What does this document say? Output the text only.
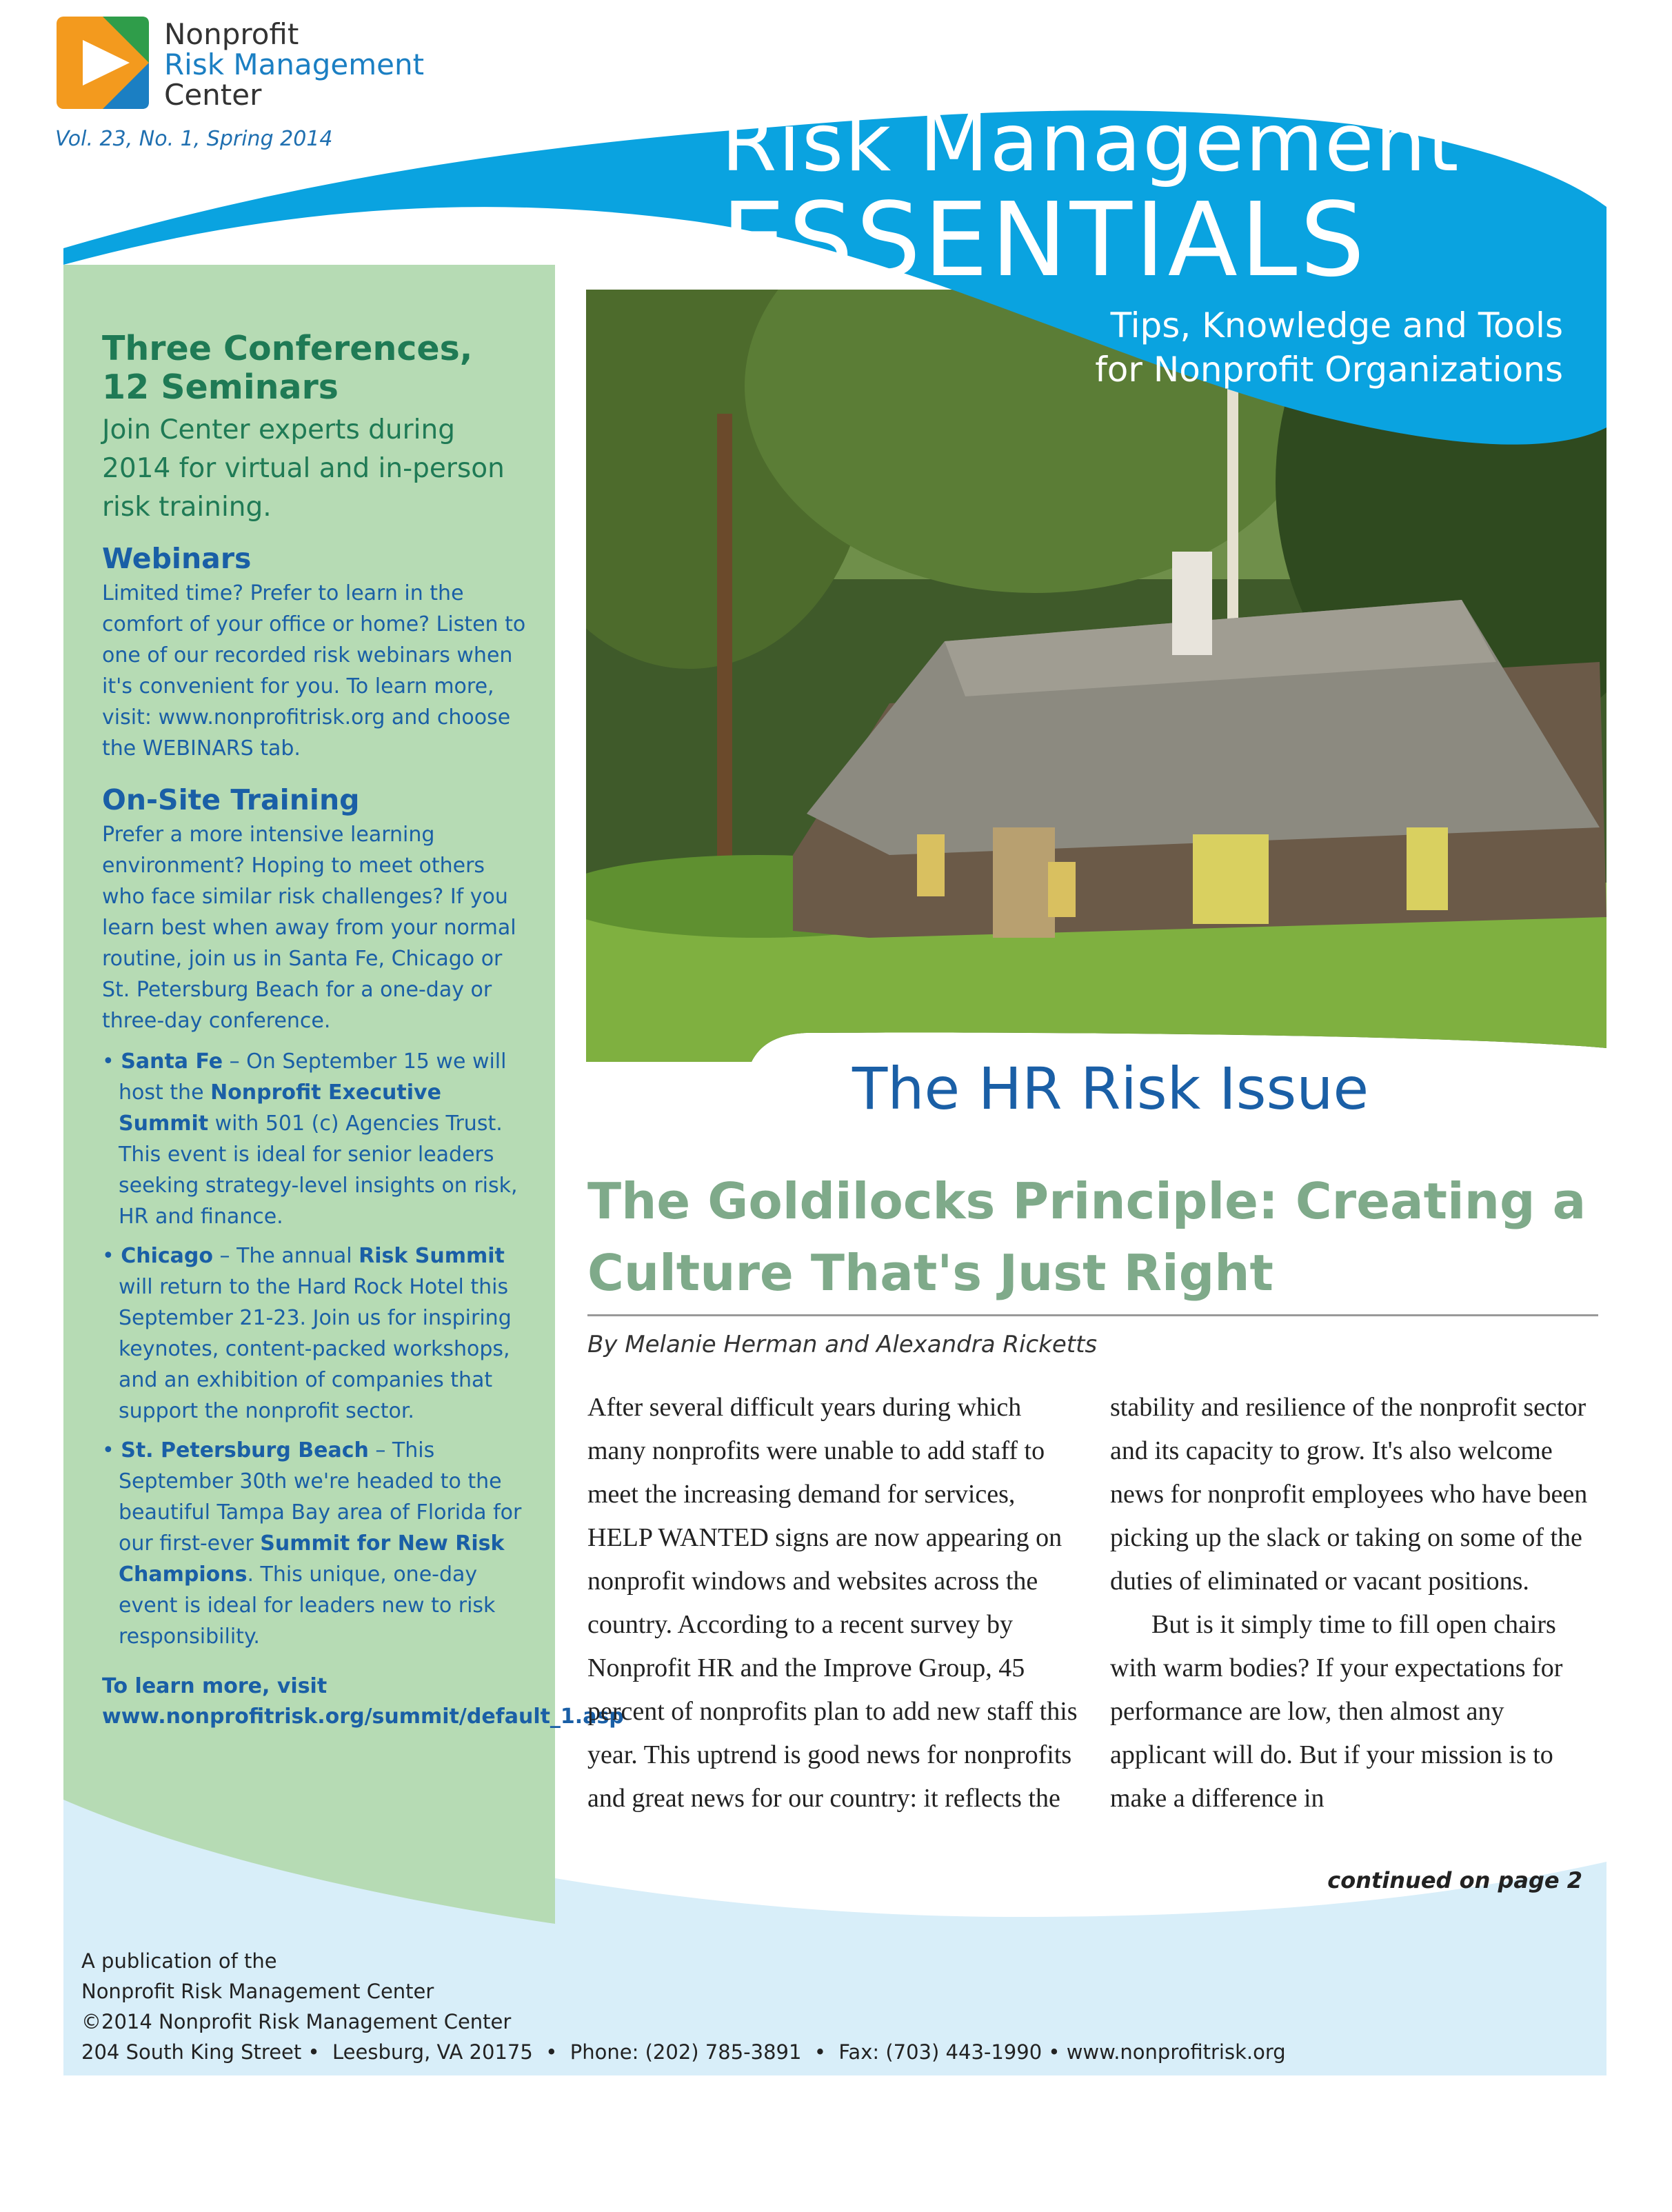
Nonprofit
Risk Management
Center
Vol. 23, No. 1, Spring 2014	Risk Management
ESSENTIALS
Tips, Knowledge and Tools
for Nonprofit Organizations
Three Conferences,
12 Seminars

Join Center experts during 2014 for virtual and in-person risk training.

Webinars

Limited time? Prefer to learn in the comfort of your office or home? Listen to one of our recorded risk webinars when it's convenient for you. To learn more, visit: www.nonprofitrisk.org and choose the WEBINARS tab.

On-Site Training

Prefer a more intensive learning environment? Hoping to meet others who face similar risk challenges? If you learn best when away from your normal routine, join us in Santa Fe, Chicago or St. Petersburg Beach for a one-day or three-day conference.

• Santa Fe – On September 15 we will host the Nonprofit Executive Summit with 501 (c) Agencies Trust. This event is ideal for senior leaders seeking strategy-level insights on risk, HR and finance.
• Chicago – The annual Risk Summit will return to the Hard Rock Hotel this September 21-23. Join us for inspiring keynotes, content-packed workshops, and an exhibition of companies that support the nonprofit sector.
• St. Petersburg Beach – This September 30th we're headed to the beautiful Tampa Bay area of Florida for our first-ever Summit for New Risk Champions. This unique, one-day event is ideal for leaders new to risk responsibility.
To learn more, visit www.nonprofitrisk.org/summit/default_1.asp
The HR Risk Issue
The Goldilocks Principle: Creating a Culture That's Just Right
By Melanie Herman and Alexandra Ricketts

After several difficult years during which many nonprofits were unable to add staff to meet the increasing demand for services, HELP WANTED signs are now appearing on nonprofit windows and websites across the country. According to a recent survey by Nonprofit HR and the Improve Group, 45 percent of nonprofits plan to add new staff this year. This uptrend is good news for nonprofits and great news for our country: it reflects the

stability and resilience of the nonprofit sector and its capacity to grow. It's also welcome news for nonprofit employees who have been picking up the slack or taking on some of the duties of eliminated or vacant positions.
But is it simply time to fill open chairs with warm bodies? If your expectations for performance are low, then almost any applicant will do. But if your mission is to make a difference in
continued on page 2
A publication of the
Nonprofit Risk Management Center
©2014 Nonprofit Risk Management Center
204 South King Street •  Leesburg, VA 20175  •  Phone: (202) 785-3891  •  Fax: (703) 443-1990 • www.nonprofitrisk.org
